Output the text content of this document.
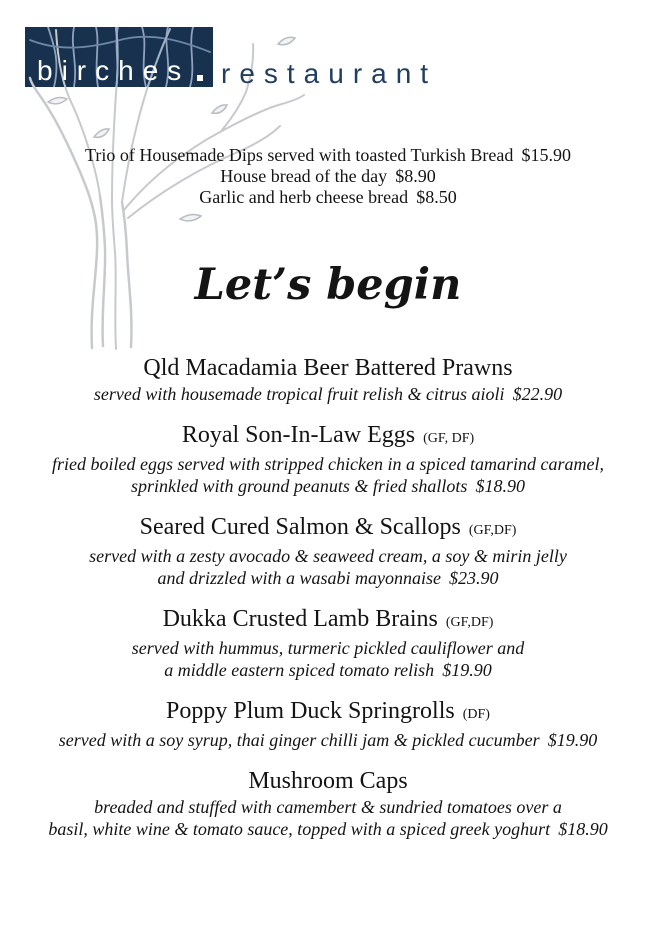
birches restaurant
Trio of Housemade Dips served with toasted Turkish Bread $15.90
House bread of the day $8.90
Garlic and herb cheese bread $8.50
Let’s begin
Qld Macadamia Beer Battered Prawns
served with housemade tropical fruit relish & citrus aioli $22.90
Royal Son-In-Law Eggs (GF, DF)
fried boiled eggs served with stripped chicken in a spiced tamarind caramel,
sprinkled with ground peanuts & fried shallots $18.90
Seared Cured Salmon & Scallops (GF,DF)
served with a zesty avocado & seaweed cream, a soy & mirin jelly
and drizzled with a wasabi mayonnaise $23.90
Dukka Crusted Lamb Brains (GF,DF)
served with hummus, turmeric pickled cauliflower and
a middle eastern spiced tomato relish $19.90
Poppy Plum Duck Springrolls (DF)
served with a soy syrup, thai ginger chilli jam & pickled cucumber $19.90
Mushroom Caps
breaded and stuffed with camembert & sundried tomatoes over a
basil, white wine & tomato sauce, topped with a spiced greek yoghurt $18.90
